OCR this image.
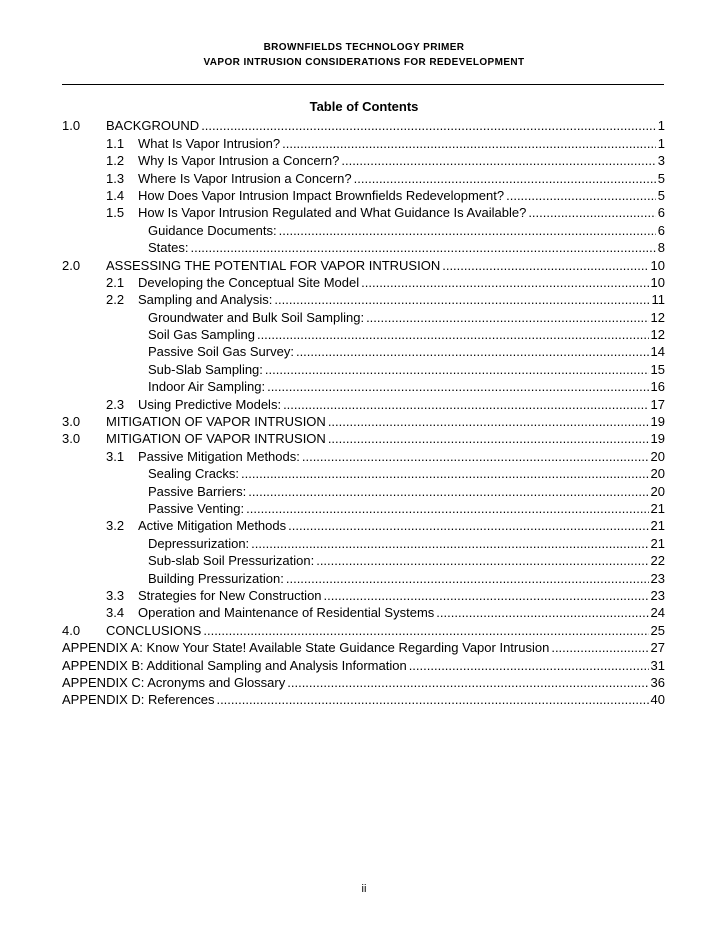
BROWNFIELDS TECHNOLOGY PRIMER
VAPOR INTRUSION CONSIDERATIONS FOR REDEVELOPMENT
Table of Contents
1.0	BACKGROUND .....	1
1.1	What Is Vapor Intrusion? .....	1
1.2	Why Is Vapor Intrusion a Concern? .....	3
1.3	Where Is Vapor Intrusion a Concern? .....	5
1.4	How Does Vapor Intrusion Impact Brownfields Redevelopment? .....	5
1.5	How Is Vapor Intrusion Regulated and What Guidance Is Available? .....	6
Guidance Documents: .....	6
States: .....	8
2.0	ASSESSING THE POTENTIAL FOR VAPOR INTRUSION .....	10
2.1	Developing the Conceptual Site Model .....	10
2.2	Sampling and Analysis: .....	11
Groundwater and Bulk Soil Sampling: .....	12
Soil Gas Sampling .....	12
Passive Soil Gas Survey: .....	14
Sub-Slab Sampling: .....	15
Indoor Air Sampling: .....	16
2.3	Using Predictive Models: .....	17
3.0	MITIGATION OF VAPOR INTRUSION .....	19
3.0	MITIGATION OF VAPOR INTRUSION .....	19
3.1	Passive Mitigation Methods: .....	20
Sealing Cracks: .....	20
Passive Barriers: .....	20
Passive Venting: .....	21
3.2	Active Mitigation Methods .....	21
Depressurization: .....	21
Sub-slab Soil Pressurization: .....	22
Building Pressurization: .....	23
3.3	Strategies for New Construction .....	23
3.4	Operation and Maintenance of Residential Systems .....	24
4.0	CONCLUSIONS .....	25
APPENDIX A: Know Your State! Available State Guidance Regarding Vapor Intrusion .....	27
APPENDIX B: Additional Sampling and Analysis Information .....	31
APPENDIX C: Acronyms and Glossary .....	36
APPENDIX D: References .....	40
ii
